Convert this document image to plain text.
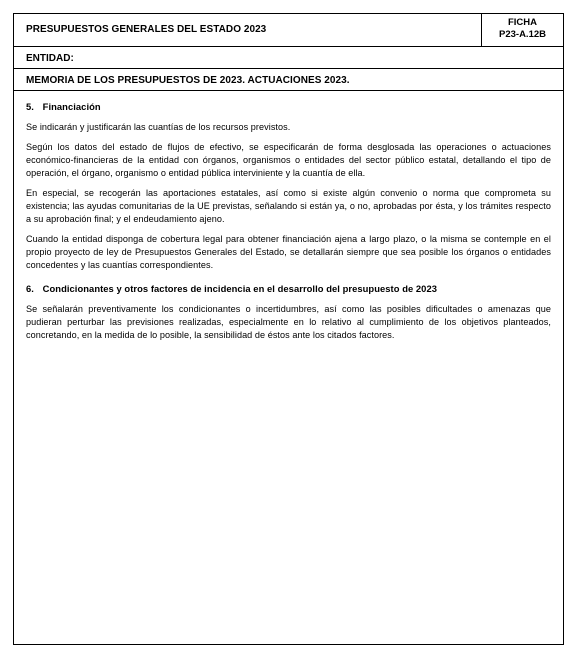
PRESUPUESTOS GENERALES DEL ESTADO 2023
FICHA
P23-A.12B
ENTIDAD:
MEMORIA DE LOS PRESUPUESTOS DE 2023. ACTUACIONES 2023.
5. Financiación

Se indicarán y justificarán las cuantías de los recursos previstos.

Según los datos del estado de flujos de efectivo, se especificarán de forma desglosada las operaciones o actuaciones económico-financieras de la entidad con órganos, organismos o entidades del sector público estatal, detallando el tipo de operación, el órgano, organismo o entidad pública interviniente y la cuantía de ella.

En especial, se recogerán las aportaciones estatales, así como si existe algún convenio o norma que comprometa su existencia; las ayudas comunitarias de la UE previstas, señalando si están ya, o no, aprobadas por ésta, y los trámites respecto a su aprobación final; y el endeudamiento ajeno.

Cuando la entidad disponga de cobertura legal para obtener financiación ajena a largo plazo, o la misma se contemple en el propio proyecto de ley de Presupuestos Generales del Estado, se detallarán siempre que sea posible los órganos o entidades concedentes y las cuantías correspondientes.

6. Condicionantes y otros factores de incidencia en el desarrollo del presupuesto de 2023

Se señalarán preventivamente los condicionantes o incertidumbres, así como las posibles dificultades o amenazas que pudieran perturbar las previsiones realizadas, especialmente en lo relativo al cumplimiento de los objetivos planteados, concretando, en la medida de lo posible, la sensibilidad de éstos ante los citados factores.
